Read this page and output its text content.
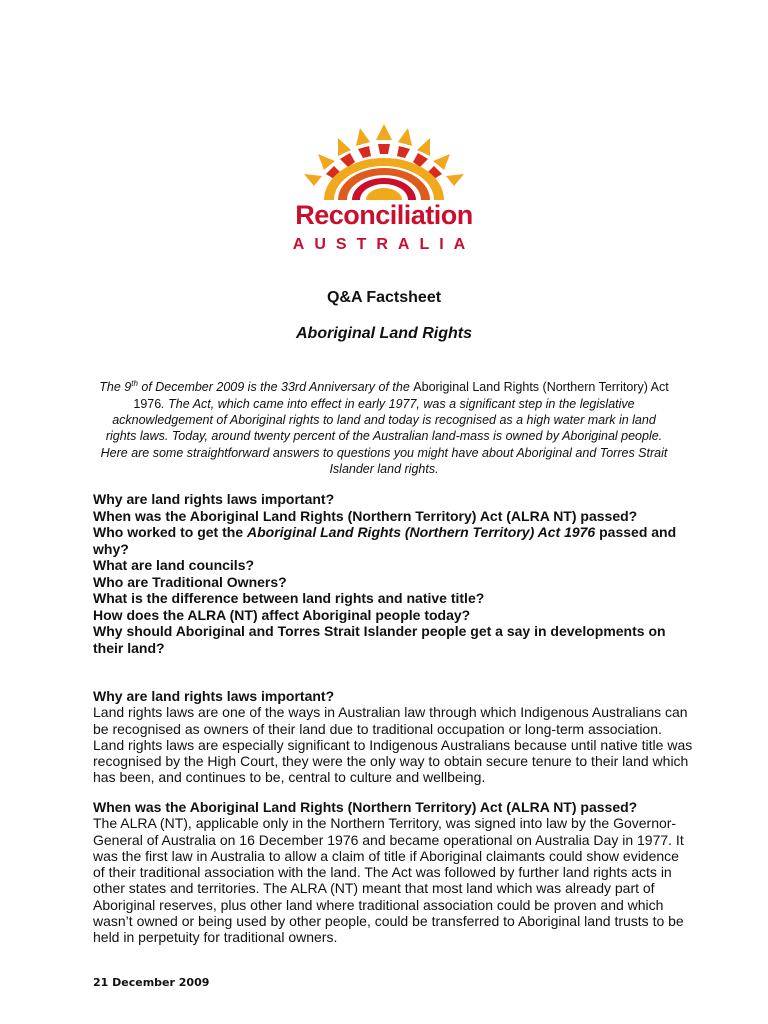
Reconciliation
AUSTRALIA
Q&A Factsheet
Aboriginal Land Rights
The 9th of December 2009 is the 33rd Anniversary of the Aboriginal Land Rights (Northern Territory) Act 1976. The Act, which came into effect in early 1977, was a significant step in the legislative acknowledgement of Aboriginal rights to land and today is recognised as a high water mark in land rights laws. Today, around twenty percent of the Australian land-mass is owned by Aboriginal people. Here are some straightforward answers to questions you might have about Aboriginal and Torres Strait Islander land rights.
Why are land rights laws important?
When was the Aboriginal Land Rights (Northern Territory) Act (ALRA NT) passed?
Who worked to get the Aboriginal Land Rights (Northern Territory) Act 1976 passed and why?
What are land councils?
Who are Traditional Owners?
What is the difference between land rights and native title?
How does the ALRA (NT) affect Aboriginal people today?
Why should Aboriginal and Torres Strait Islander people get a say in developments on their land?
Why are land rights laws important?
Land rights laws are one of the ways in Australian law through which Indigenous Australians can be recognised as owners of their land due to traditional occupation or long-term association. Land rights laws are especially significant to Indigenous Australians because until native title was recognised by the High Court, they were the only way to obtain secure tenure to their land which has been, and continues to be, central to culture and wellbeing.
When was the Aboriginal Land Rights (Northern Territory) Act (ALRA NT) passed?
The ALRA (NT), applicable only in the Northern Territory, was signed into law by the Governor-General of Australia on 16 December 1976 and became operational on Australia Day in 1977. It was the first law in Australia to allow a claim of title if Aboriginal claimants could show evidence of their traditional association with the land. The Act was followed by further land rights acts in other states and territories. The ALRA (NT) meant that most land which was already part of Aboriginal reserves, plus other land where traditional association could be proven and which wasn’t owned or being used by other people, could be transferred to Aboriginal land trusts to be held in perpetuity for traditional owners.
21 December 2009
